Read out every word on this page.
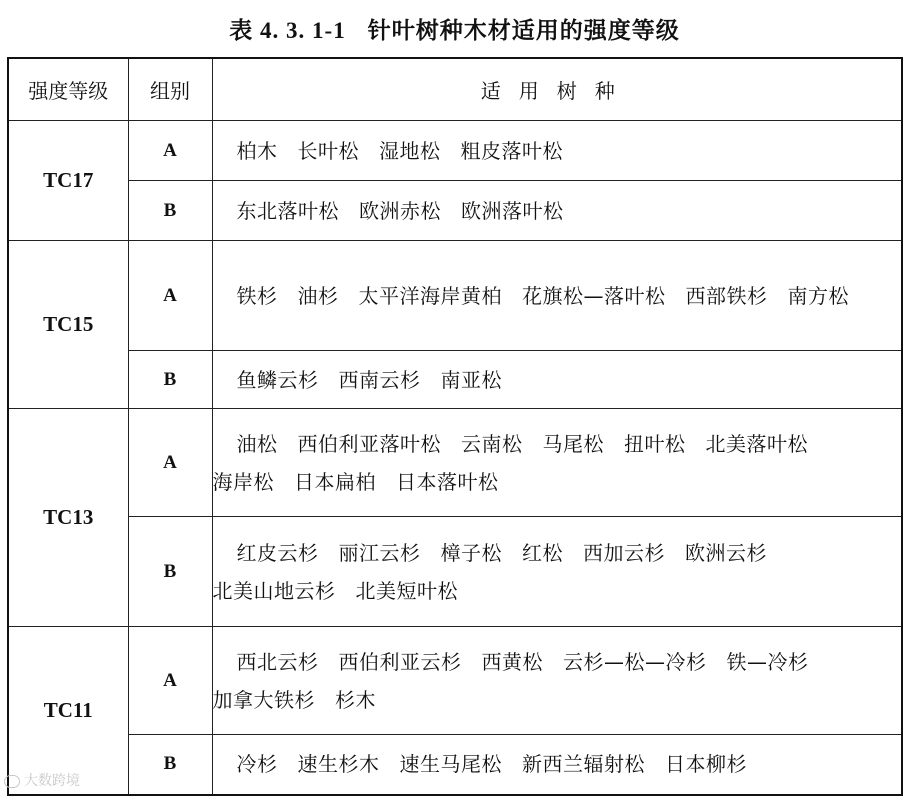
表 4. 3. 1-1 针叶树种木材适用的强度等级
强度等级	组别	适用树种
TC17	A	柏木 长叶松 湿地松 粗皮落叶松
	B	东北落叶松 欧洲赤松 欧洲落叶松
TC15	A	铁杉 油杉 太平洋海岸黄柏 花旗松—落叶松 西部铁杉 南方松
	B	鱼鳞云杉 西南云杉 南亚松
TC13	A	油松 西伯利亚落叶松 云南松 马尾松 扭叶松 北美落叶松海岸松 日本扁柏 日本落叶松
	B	红皮云杉 丽江云杉 樟子松 红松 西加云杉 欧洲云杉北美山地云杉 北美短叶松
TC11	A	西北云杉 西伯利亚云杉 西黄松 云杉—松—冷杉 铁—冷杉加拿大铁杉 杉木
	B	冷杉 速生杉木 速生马尾松 新西兰辐射松 日本柳杉
大数跨境
